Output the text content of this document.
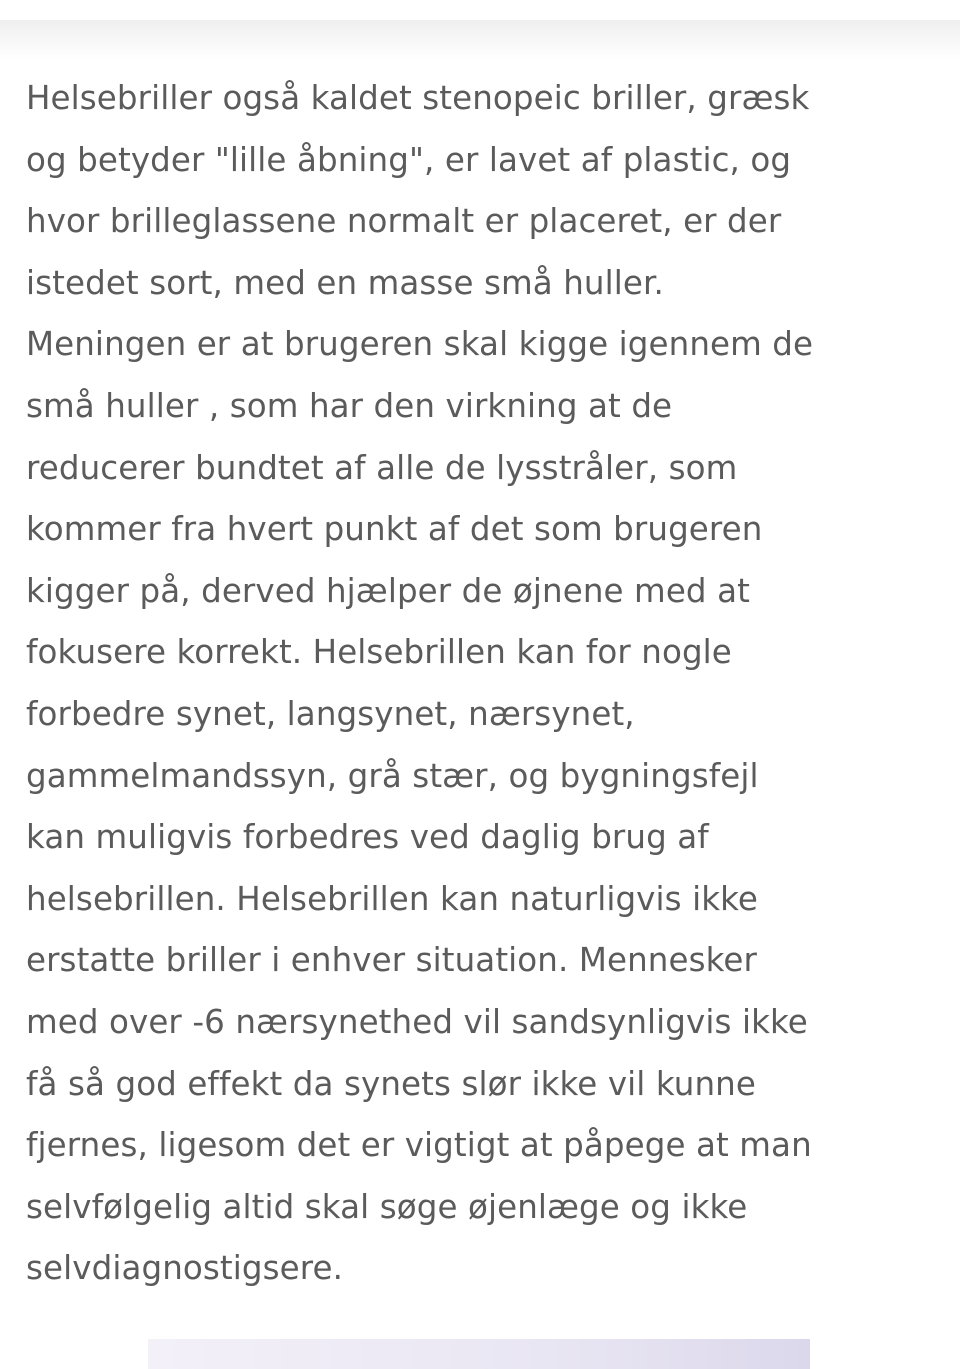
Helsebriller også kaldet stenopeic briller, græsk
og betyder "lille åbning", er lavet af plastic, og
hvor brilleglassene normalt er placeret, er der
istedet sort, med en masse små huller.
Meningen er at brugeren skal kigge igennem de
små huller , som har den virkning at de
reducerer bundtet af alle de lysstråler, som
kommer fra hvert punkt af det som brugeren
kigger på, derved hjælper de øjnene med at
fokusere korrekt. Helsebrillen kan for nogle
forbedre synet, langsynet, nærsynet,
gammelmandssyn, grå stær, og bygningsfejl
kan muligvis forbedres ved daglig brug af
helsebrillen. Helsebrillen kan naturligvis ikke
erstatte briller i enhver situation. Mennesker
med over -6 nærsynethed vil sandsynligvis ikke
få så god effekt da synets slør ikke vil kunne
fjernes, ligesom det er vigtigt at påpege at man
selvfølgelig altid skal søge øjenlæge og ikke
selvdiagnostigsere.
